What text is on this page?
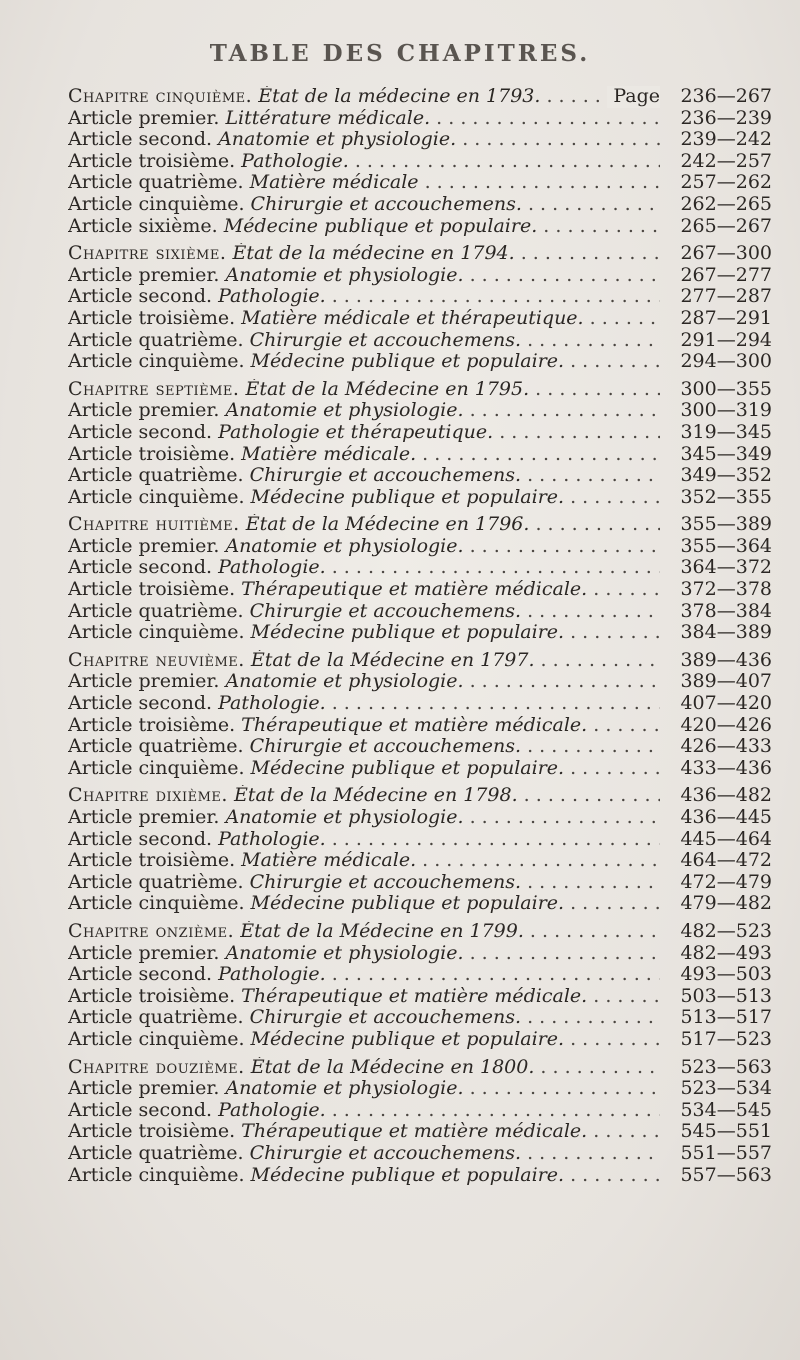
TABLE DES CHAPITRES.
Chapitre cinquième. État de la médecine en 1793. . . .	Page	236—267
Article premier. Littérature médicale. . . .	236—239
Article second. Anatomie et physiologie. . . .	239—242
Article troisième. Pathologie. . . .	242—257
Article quatrième. Matière médicale . . .	257—262
Article cinquième. Chirurgie et accouchemens. . . .	262—265
Article sixième. Médecine publique et populaire. . . .	265—267
Chapitre sixième. État de la médecine en 1794. . . .	267—300
Article premier. Anatomie et physiologie. . . .	267—277
Article second. Pathologie. . . .	277—287
Article troisième. Matière médicale et thérapeutique. . . .	287—291
Article quatrième. Chirurgie et accouchemens. . . .	291—294
Article cinquième. Médecine publique et populaire. . . .	294—300
Chapitre septième. État de la Médecine en 1795. . . .	300—355
Article premier. Anatomie et physiologie. . . .	300—319
Article second. Pathologie et thérapeutique. . . .	319—345
Article troisième. Matière médicale. . . .	345—349
Article quatrième. Chirurgie et accouchemens. . . .	349—352
Article cinquième. Médecine publique et populaire. . . .	352—355
Chapitre huitième. État de la Médecine en 1796. . . .	355—389
Article premier. Anatomie et physiologie. . . .	355—364
Article second. Pathologie. . . .	364—372
Article troisième. Thérapeutique et matière médicale. . . .	372—378
Article quatrième. Chirurgie et accouchemens. . . .	378—384
Article cinquième. Médecine publique et populaire. . . .	384—389
Chapitre neuvième. État de la Médecine en 1797. . . .	389—436
Article premier. Anatomie et physiologie. . . .	389—407
Article second. Pathologie. . . .	407—420
Article troisième. Thérapeutique et matière médicale. . . .	420—426
Article quatrième. Chirurgie et accouchemens. . . .	426—433
Article cinquième. Médecine publique et populaire. . . .	433—436
Chapitre dixième. État de la Médecine en 1798. . . .	436—482
Article premier. Anatomie et physiologie. . . .	436—445
Article second. Pathologie. . . .	445—464
Article troisième. Matière médicale. . . .	464—472
Article quatrième. Chirurgie et accouchemens. . . .	472—479
Article cinquième. Médecine publique et populaire. . . .	479—482
Chapitre onzième. État de la Médecine en 1799. . . .	482—523
Article premier. Anatomie et physiologie. . . .	482—493
Article second. Pathologie. . . .	493—503
Article troisième. Thérapeutique et matière médicale. . . .	503—513
Article quatrième. Chirurgie et accouchemens. . . .	513—517
Article cinquième. Médecine publique et populaire. . . .	517—523
Chapitre douzième. État de la Médecine en 1800. . . .	523—563
Article premier. Anatomie et physiologie. . . .	523—534
Article second. Pathologie. . . .	534—545
Article troisième. Thérapeutique et matière médicale. . . .	545—551
Article quatrième. Chirurgie et accouchemens. . . .	551—557
Article cinquième. Médecine publique et populaire. . . .	557—563
